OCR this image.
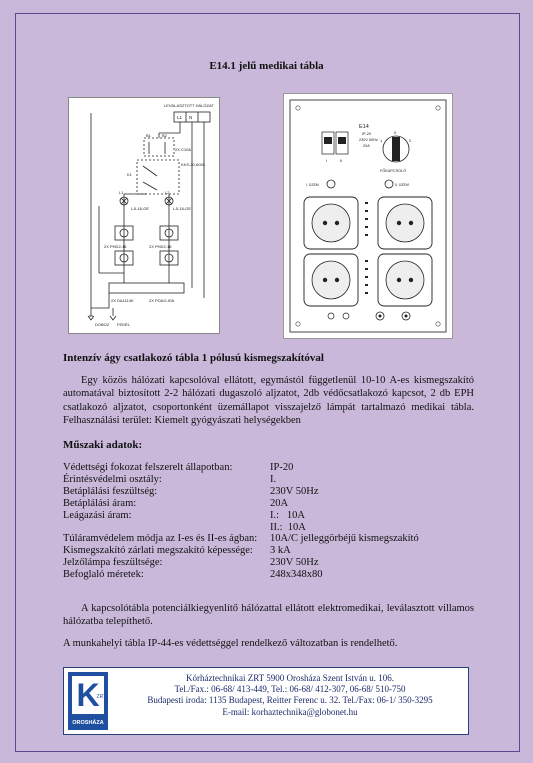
E14.1 jelű medikai tábla
LEVÁLASZTOTT HÁLÓZAT
L1 N
B1	B2
2X C10A
KKS-20-6002
K1
L1	L2
LJL16-GE	LJL16-GE
2X PHD2-16	2X PHD2-16
2X DA1114K	2X POAG-ID6
DOBOZ FEDÉL
E14
IP-20
230V 50Hz
20A
I	II
0
1	2
FŐKAPCSOLÓ
I. ÜZEM	II. ÜZEM
Intenzív ágy csatlakozó tábla 1 pólusú kismegszakítóval
Egy közös hálózati kapcsolóval ellátott, egymástól függetlenül 10-10 A-es kismegszakító automatával biztosított 2-2 hálózati dugaszoló aljzatot, 2db védőcsatlakozó kapcsot, 2 db EPH csatlakozó aljzatot, csoportonként üzemállapot visszajelző lámpát tartalmazó medikai tábla. Felhasználási terület: Kiemelt gyógyászati helységekben
Műszaki adatok:
Védettségi fokozat felszerelt állapotban:	IP-20
Érintésvédelmi osztály:	I.
Betáplálási feszültség:	230V 50Hz
Betáplálási áram:	20A
Leágazási áram:	I.:   10A
II.:  10A
Túláramvédelem módja az I-es és II-es ágban:	10A/C jelleggörbéjű kismegszakító
Kismegszakító zárlati megszakító képessége:	3 kA
Jelzőlámpa feszültsége:	230V 50Hz
Befoglaló méretek:	248x348x80
A kapcsolótábla potenciálkiegyenlítő hálózattal ellátott elektromedikai, leválasztott villamos hálózatba telepíthető.
A munkahelyi tábla IP-44-es védettséggel rendelkező változatban is rendelhető.
K
ZRT.
OROSHÁZA
Kórháztechnikai ZRT 5900 Orosháza Szent István u. 106.
Tel./Fax.: 06-68/ 413-449, Tel.: 06-68/ 412-307, 06-68/ 510-750
Budapesti iroda: 1135 Budapest, Reitter Ferenc u. 32. Tel./Fax: 06-1/ 350-3295
E-mail: korhaztechnika@globonet.hu
